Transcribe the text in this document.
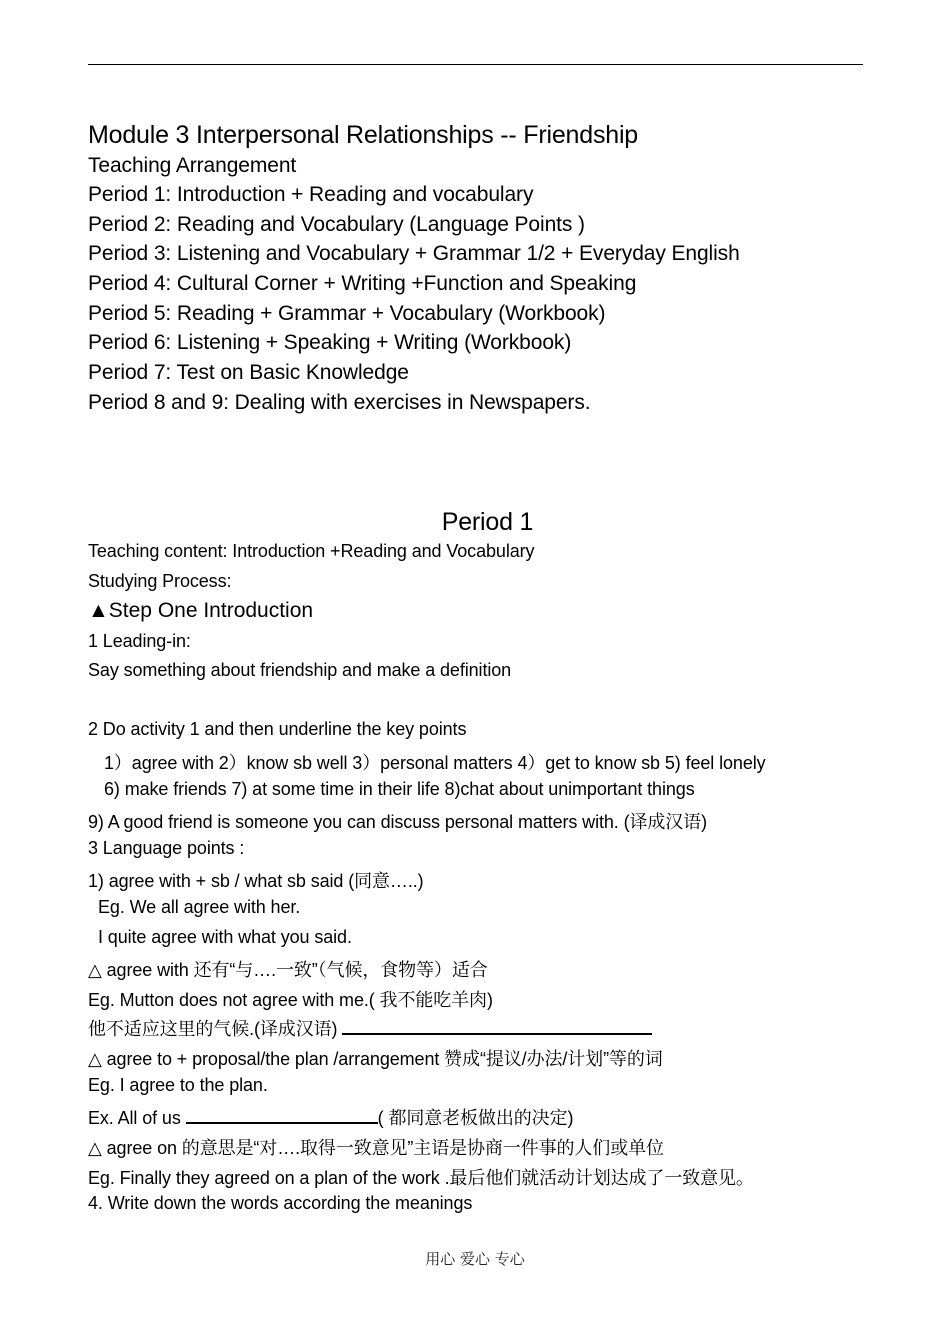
Module 3 Interpersonal Relationships -- Friendship
Teaching Arrangement
Period 1: Introduction + Reading and vocabulary
Period 2: Reading and Vocabulary (Language Points )
Period 3: Listening and Vocabulary + Grammar 1/2 + Everyday English
Period 4: Cultural Corner + Writing +Function and Speaking
Period 5: Reading + Grammar + Vocabulary (Workbook)
Period 6: Listening + Speaking + Writing (Workbook)
Period 7: Test on Basic Knowledge
Period 8 and 9: Dealing with exercises in Newspapers.
Period 1
Teaching content: Introduction +Reading and Vocabulary
Studying Process:
▲Step One Introduction
1 Leading-in:
Say something about friendship and make a definition
2 Do activity 1 and then underline the key points
1）agree with 2）know sb well 3）personal matters 4）get to know sb 5) feel lonely
6) make friends 7) at some time in their life 8)chat about unimportant things
9) A good friend is someone you can discuss personal matters with. (译成汉语)
3 Language points :
1) agree with + sb / what sb said (同意…..)
Eg. We all agree with her.
I quite agree with what you said.
△ agree with 还有“与….一致”（气候，食物等）适合
Eg. Mutton does not agree with me.( 我不能吃羊肉)
他不适应这里的气候.(译成汉语)
△ agree to + proposal/the plan /arrangement 赞成“提议/办法/计划”等的词
Eg. I agree to the plan.
Ex. All of us	( 都同意老板做出的决定)
△ agree on 的意思是“对….取得一致意见”主语是协商一件事的人们或单位
Eg. Finally they agreed on a plan of the work .最后他们就活动计划达成了一致意见。
4. Write down the words according the meanings
用心 爱心 专心
